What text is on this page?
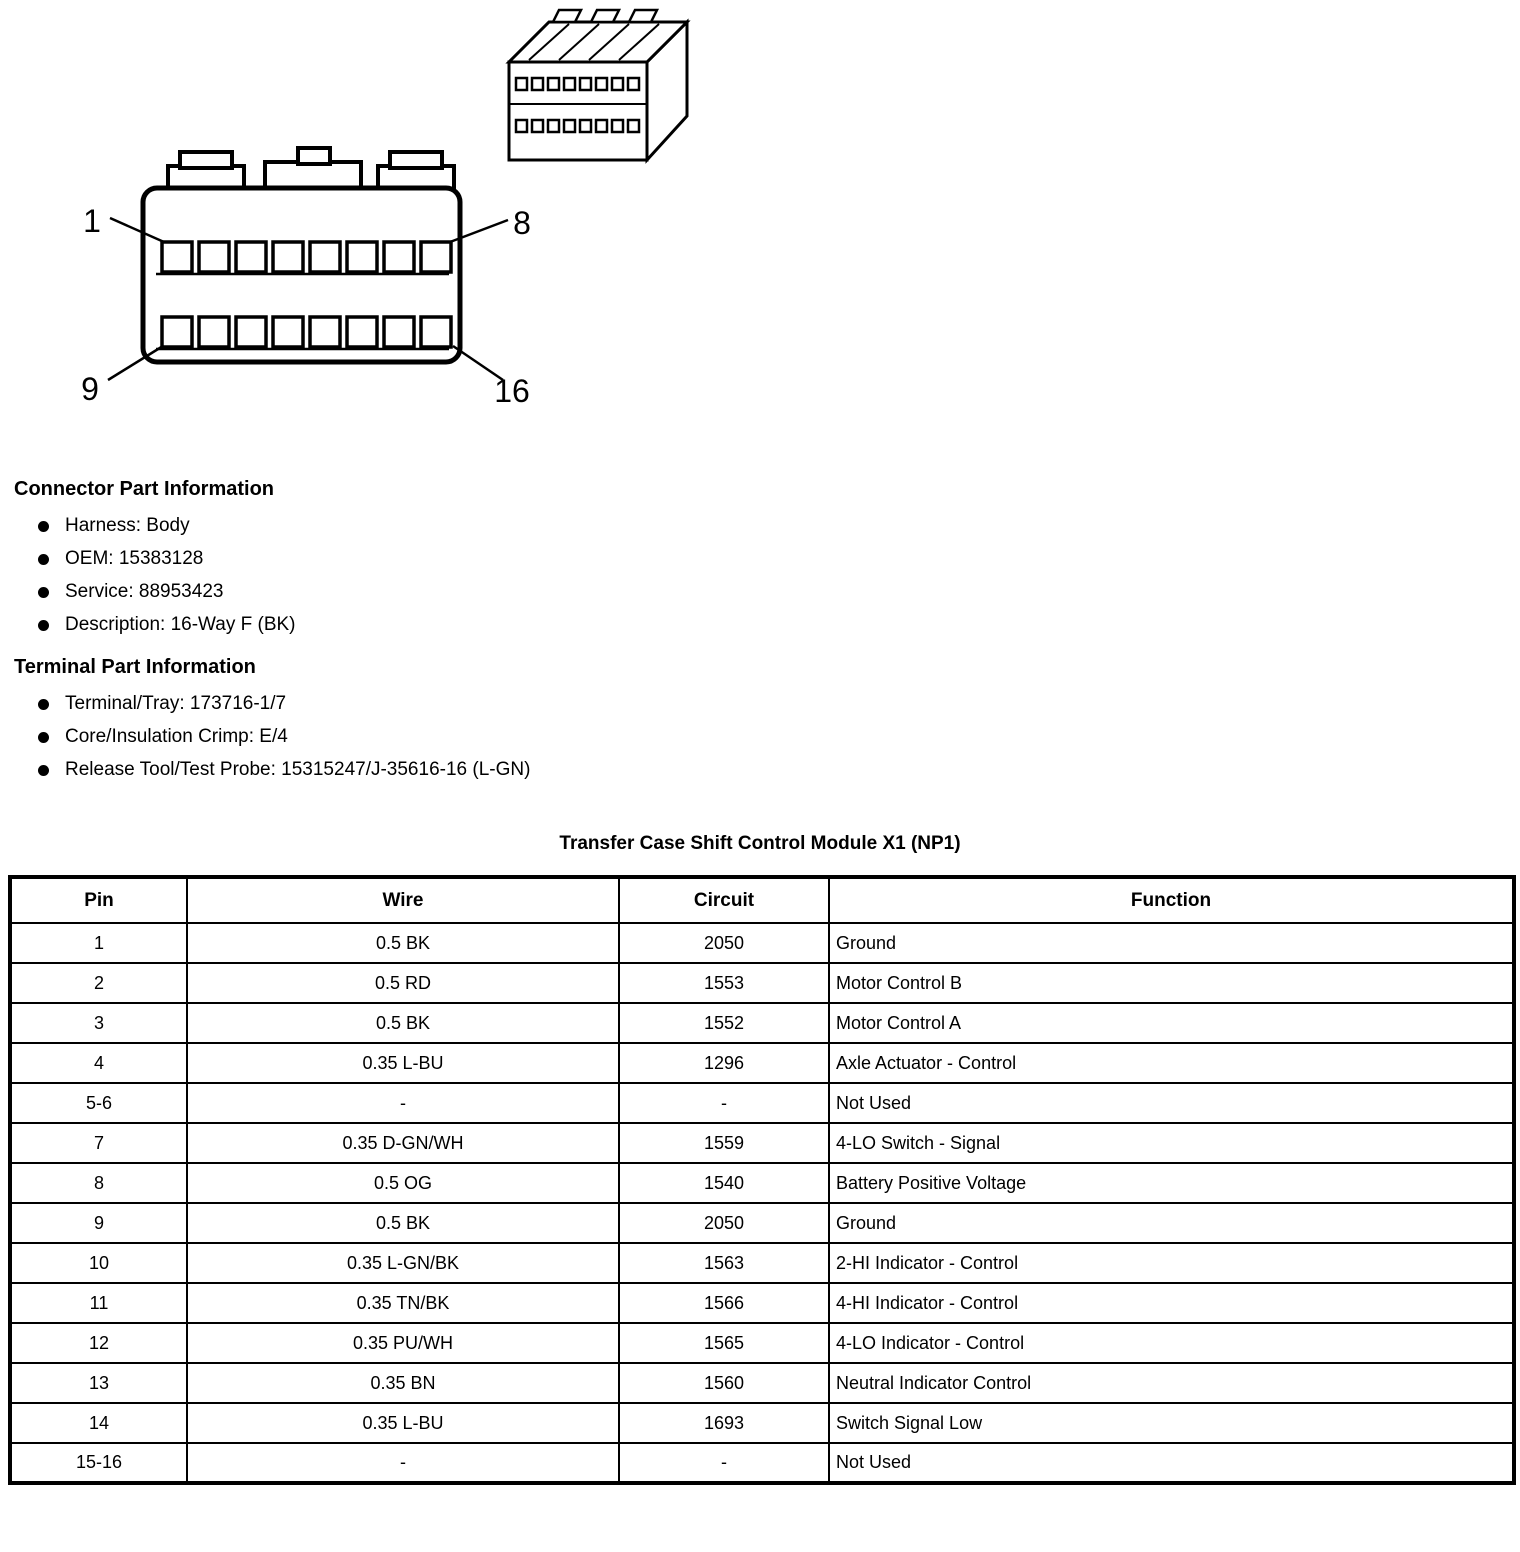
1	8
9	16
Connector Part Information
Harness: Body
OEM: 15383128
Service: 88953423
Description: 16-Way F (BK)
Terminal Part Information
Terminal/Tray: 173716-1/7
Core/Insulation Crimp: E/4
Release Tool/Test Probe: 15315247/J-35616-16 (L-GN)
Transfer Case Shift Control Module X1 (NP1)
Pin	Wire	Circuit	Function
1	0.5 BK	2050	Ground
2	0.5 RD	1553	Motor Control B
3	0.5 BK	1552	Motor Control A
4	0.35 L-BU	1296	Axle Actuator - Control
5-6	-	-	Not Used
7	0.35 D-GN/WH	1559	4-LO Switch - Signal
8	0.5 OG	1540	Battery Positive Voltage
9	0.5 BK	2050	Ground
10	0.35 L-GN/BK	1563	2-HI Indicator - Control
11	0.35 TN/BK	1566	4-HI Indicator - Control
12	0.35 PU/WH	1565	4-LO Indicator - Control
13	0.35 BN	1560	Neutral Indicator Control
14	0.35 L-BU	1693	Switch Signal Low
15-16	-	-	Not Used
